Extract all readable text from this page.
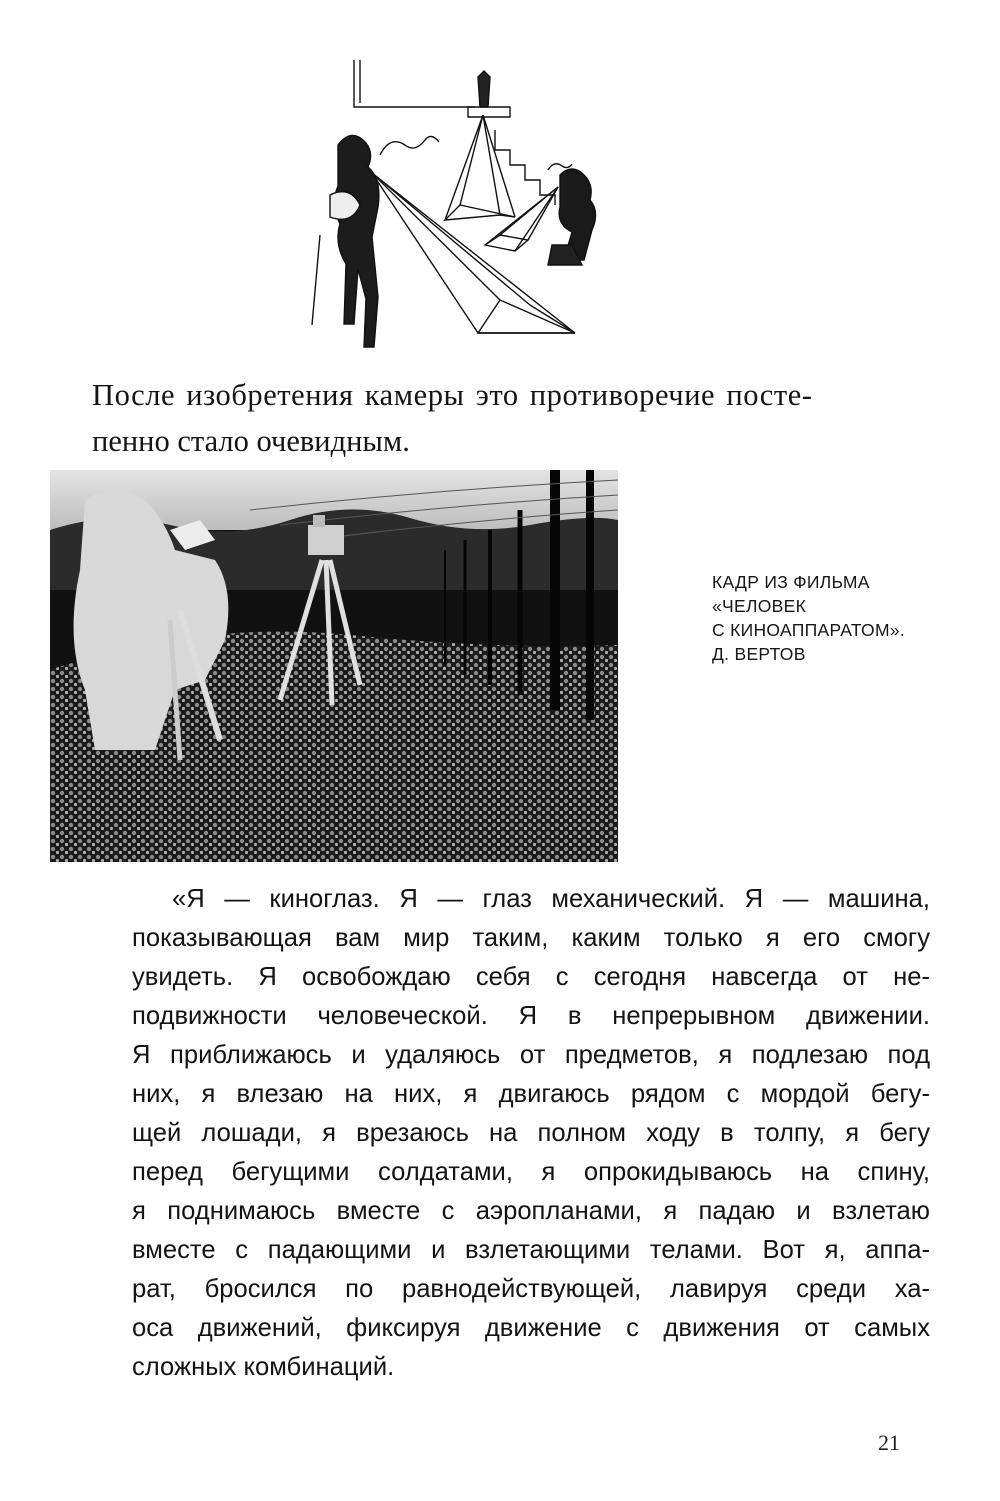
После изобретения камеры это противоречие посте-
пенно стало очевидным.
КАДР ИЗ ФИЛЬМА
«ЧЕЛОВЕК
С КИНОАППАРАТОМ».
Д. ВЕРТОВ
«Я — киноглаз. Я — глаз механический. Я — машина,
показывающая вам мир таким, каким только я его смогу
увидеть. Я освобождаю себя с сегодня навсегда от не-
подвижности человеческой. Я в непрерывном движении.
Я приближаюсь и удаляюсь от предметов, я подлезаю под
них, я влезаю на них, я двигаюсь рядом с мордой бегу-
щей лошади, я врезаюсь на полном ходу в толпу, я бегу
перед бегущими солдатами, я опрокидываюсь на спину,
я поднимаюсь вместе с аэропланами, я падаю и взлетаю
вместе с падающими и взлетающими телами. Вот я, аппа-
рат, бросился по равнодействующей, лавируя среди ха-
оса движений, фиксируя движение с движения от самых
сложных комбинаций.
21
